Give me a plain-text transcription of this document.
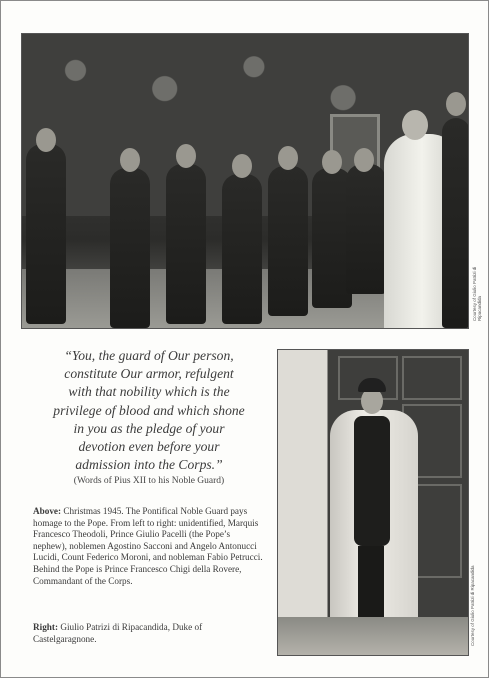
Courtesy of Giulio Patrizi di Ripacandida
“You, the guard of Our person,
constitute Our armor, refulgent
with that nobility which is the
privilege of blood and which shone
in you as the pledge of your
devotion even before your
admission into the Corps.”
(Words of Pius XII to his Noble Guard)
Above: Christmas 1945. The Pontifical Noble Guard pays homage to the Pope. From left to right: unidentified, Marquis Francesco Theodoli, Prince Giulio Pacelli (the Pope’s nephew), noblemen Agostino Sacconi and Angelo Antonucci Lucidi, Count Federico Moroni, and nobleman Fabio Petrucci. Behind the Pope is Prince Francesco Chigi della Rovere, Commandant of the Corps.
Right: Giulio Patrizi di Ripacandida, Duke of Castelgaragnone.	Courtesy of Giulio Patrizi di Ripacandida
